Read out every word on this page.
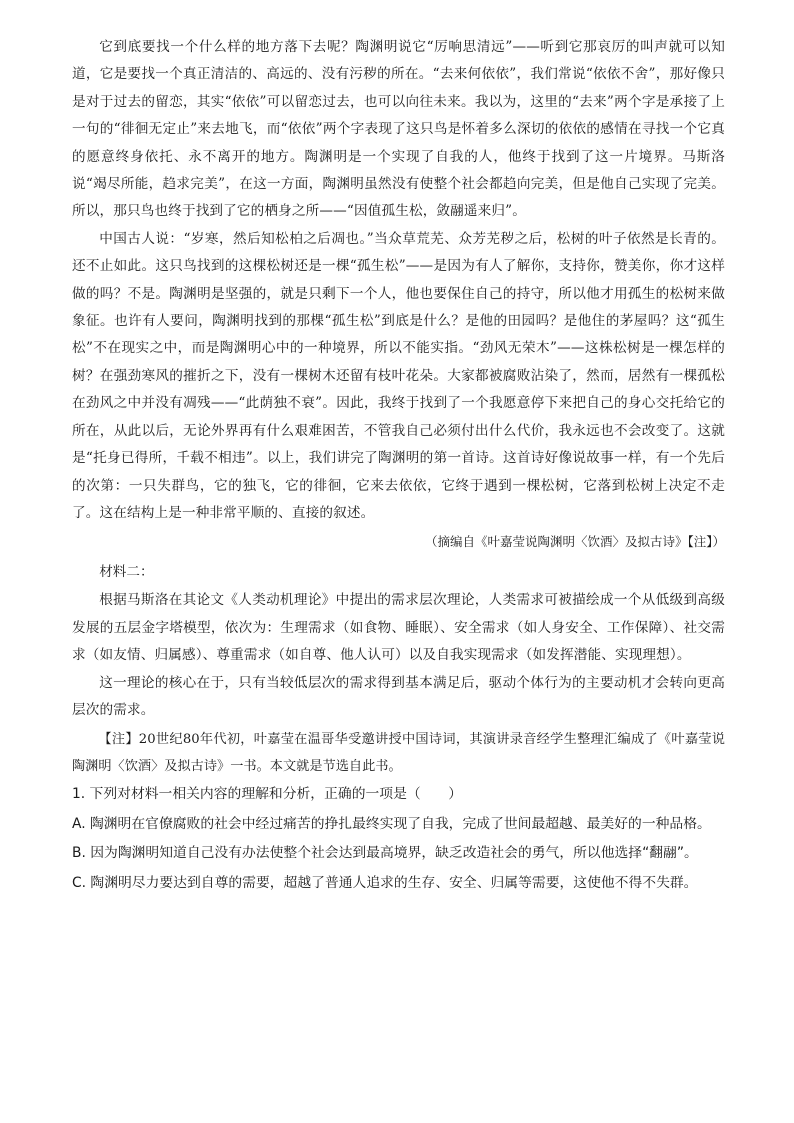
它到底要找一个什么样的地方落下去呢？陶渊明说它“厉响思清远”——听到它那哀厉的叫声就可以知道，它是要找一个真正清洁的、高远的、没有污秽的所在。“去来何依依”，我们常说“依依不舍”，那好像只是对于过去的留恋，其实“依依”可以留恋过去，也可以向往未来。我以为，这里的“去来”两个字是承接了上一句的“徘徊无定止”来去地飞，而“依依”两个字表现了这只鸟是怀着多么深切的依依的感情在寻找一个它真的愿意终身依托、永不离开的地方。陶渊明是一个实现了自我的人，他终于找到了这一片境界。马斯洛说“竭尽所能，趋求完美”，在这一方面，陶渊明虽然没有使整个社会都趋向完美，但是他自己实现了完美。所以，那只鸟也终于找到了它的栖身之所——“因值孤生松，敛翮遥来归”。

中国古人说：“岁寒，然后知松柏之后凋也。”当众草荒芜、众芳芜秽之后，松树的叶子依然是长青的。还不止如此。这只鸟找到的这棵松树还是一棵“孤生松”——是因为有人了解你，支持你，赞美你，你才这样做的吗？不是。陶渊明是坚强的，就是只剩下一个人，他也要保住自己的持守，所以他才用孤生的松树来做象征。也许有人要问，陶渊明找到的那棵“孤生松”到底是什么？是他的田园吗？是他住的茅屋吗？这“孤生松”不在现实之中，而是陶渊明心中的一种境界，所以不能实指。“劲风无荣木”——这株松树是一棵怎样的树？在强劲寒风的摧折之下，没有一棵树木还留有枝叶花朵。大家都被腐败沾染了，然而，居然有一棵孤松在劲风之中并没有凋残——“此荫独不衰”。因此，我终于找到了一个我愿意停下来把自己的身心交托给它的所在，从此以后，无论外界再有什么艰难困苦，不管我自己必须付出什么代价，我永远也不会改变了。这就是“托身已得所，千载不相违”。以上，我们讲完了陶渊明的第一首诗。这首诗好像说故事一样，有一个先后的次第：一只失群鸟，它的独飞，它的徘徊，它来去依依，它终于遇到一棵松树，它落到松树上决定不走了。这在结构上是一种非常平顺的、直接的叙述。

（摘编自《叶嘉莹说陶渊明〈饮酒〉及拟古诗》【注】）

材料二：

根据马斯洛在其论文《人类动机理论》中提出的需求层次理论，人类需求可被描绘成一个从低级到高级发展的五层金字塔模型，依次为：生理需求（如食物、睡眠）、安全需求（如人身安全、工作保障）、社交需求（如友情、归属感）、尊重需求（如自尊、他人认可）以及自我实现需求（如发挥潜能、实现理想）。

这一理论的核心在于，只有当较低层次的需求得到基本满足后，驱动个体行为的主要动机才会转向更高层次的需求。

【注】20世纪80年代初，叶嘉莹在温哥华受邀讲授中国诗词，其演讲录音经学生整理汇编成了《叶嘉莹说陶渊明〈饮酒〉及拟古诗》一书。本文就是节选自此书。

1. 下列对材料一相关内容的理解和分析，正确的一项是（　　）

A. 陶渊明在官僚腐败的社会中经过痛苦的挣扎最终实现了自我，完成了世间最超越、最美好的一种品格。

B. 因为陶渊明知道自己没有办法使整个社会达到最高境界，缺乏改造社会的勇气，所以他选择“翻翮”。

C. 陶渊明尽力要达到自尊的需要，超越了普通人追求的生存、安全、归属等需要，这使他不得不失群。
